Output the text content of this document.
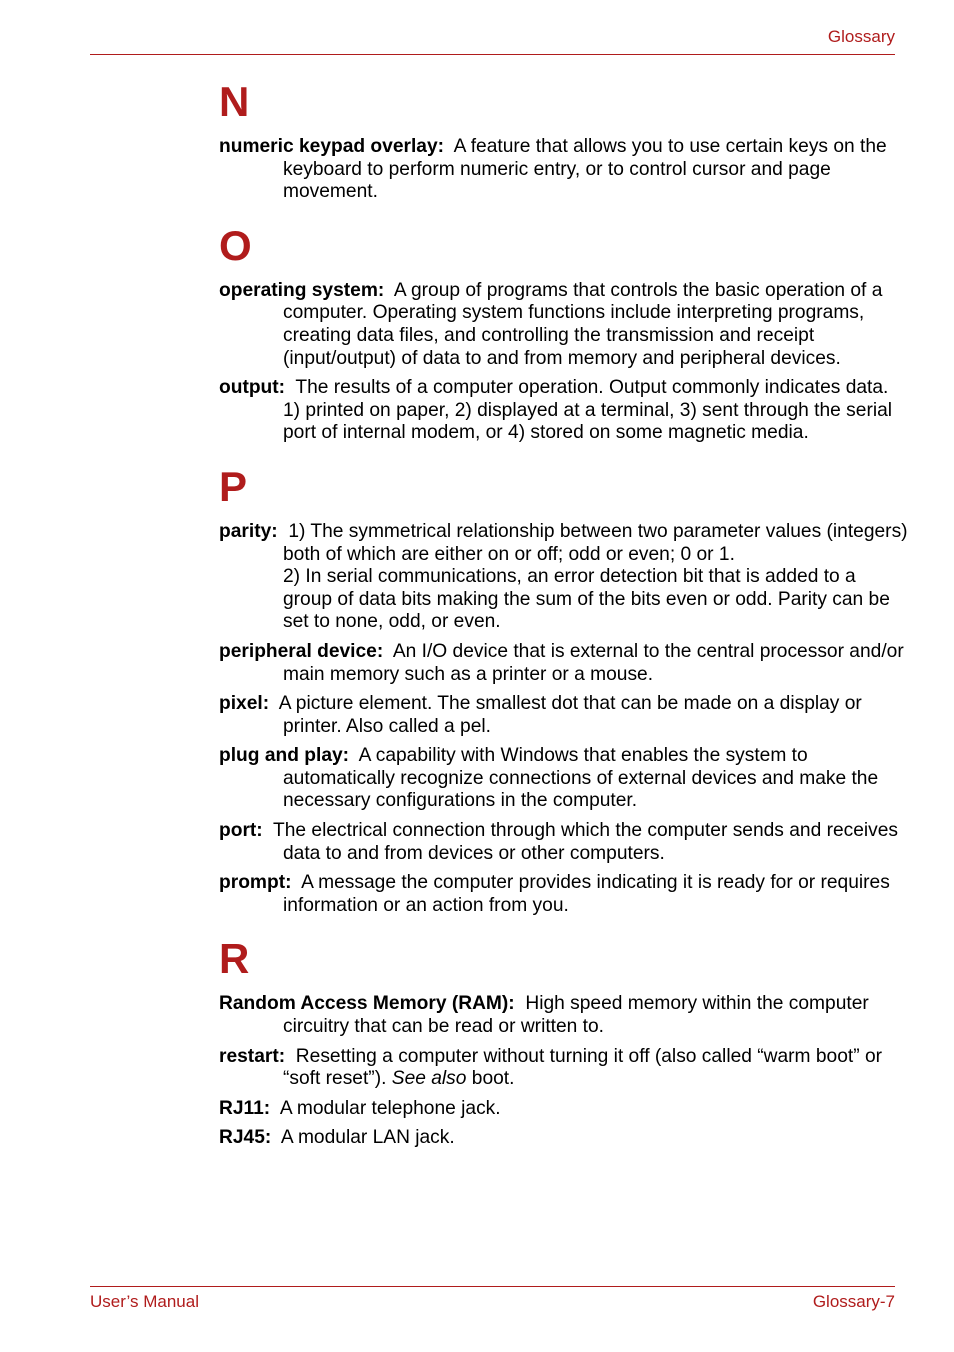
Glossary
N

numeric keypad overlay: A feature that allows you to use certain keys on the keyboard to perform numeric entry, or to control cursor and page movement.

O

operating system: A group of programs that controls the basic operation of a computer. Operating system functions include interpreting programs, creating data files, and controlling the transmission and receipt (input/output) of data to and from memory and peripheral devices.

output: The results of a computer operation. Output commonly indicates data.
1) printed on paper, 2) displayed at a terminal, 3) sent through the serial port of internal modem, or 4) stored on some magnetic media.

P

parity: 1) The symmetrical relationship between two parameter values (integers) both of which are either on or off; odd or even; 0 or 1.
2) In serial communications, an error detection bit that is added to a group of data bits making the sum of the bits even or odd. Parity can be set to none, odd, or even.

peripheral device: An I/O device that is external to the central processor and/or main memory such as a printer or a mouse.

pixel: A picture element. The smallest dot that can be made on a display or printer. Also called a pel.

plug and play: A capability with Windows that enables the system to automatically recognize connections of external devices and make the necessary configurations in the computer.

port: The electrical connection through which the computer sends and receives data to and from devices or other computers.

prompt: A message the computer provides indicating it is ready for or requires information or an action from you.

R

Random Access Memory (RAM): High speed memory within the computer circuitry that can be read or written to.

restart: Resetting a computer without turning it off (also called “warm boot” or “soft reset”). See also boot.

RJ11: A modular telephone jack.

RJ45: A modular LAN jack.

User’s Manual	Glossary-7
